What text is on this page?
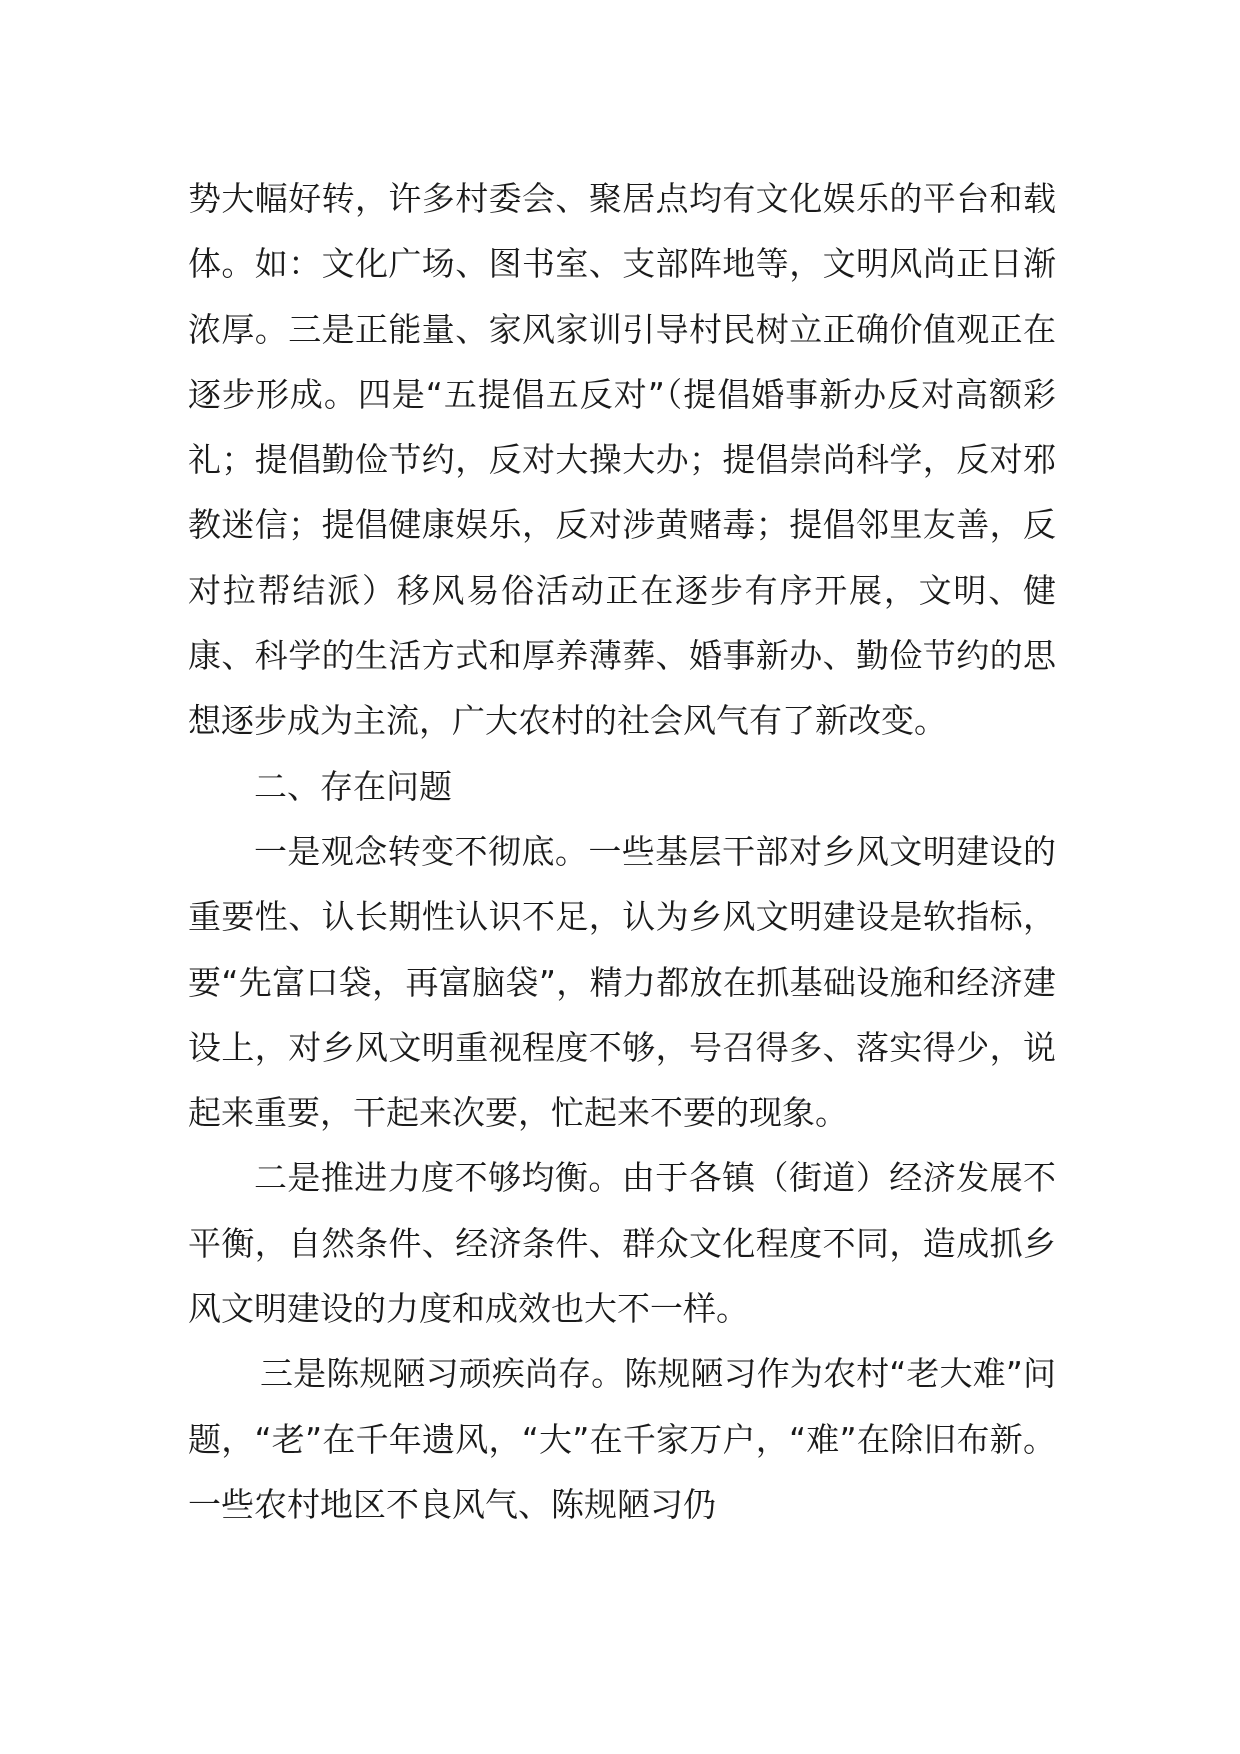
势大幅好转，许多村委会、聚居点均有文化娱乐的平台和载体。如：文化广场、图书室、支部阵地等，文明风尚正日渐浓厚。三是正能量、家风家训引导村民树立正确价值观正在逐步形成。四是“五提倡五反对”（提倡婚事新办反对高额彩礼；提倡勤俭节约，反对大操大办；提倡崇尚科学，反对邪教迷信；提倡健康娱乐，反对涉黄赌毒；提倡邻里友善，反对拉帮结派）移风易俗活动正在逐步有序开展，文明、健康、科学的生活方式和厚养薄葬、婚事新办、勤俭节约的思想逐步成为主流，广大农村的社会风气有了新改变。

二、存在问题

一是观念转变不彻底。一些基层干部对乡风文明建设的重要性、认长期性认识不足，认为乡风文明建设是软指标，要“先富口袋，再富脑袋”，精力都放在抓基础设施和经济建设上，对乡风文明重视程度不够，号召得多、落实得少，说起来重要，干起来次要，忙起来不要的现象。

二是推进力度不够均衡。由于各镇（街道）经济发展不平衡，自然条件、经济条件、群众文化程度不同，造成抓乡风文明建设的力度和成效也大不一样。

三是陈规陋习顽疾尚存。陈规陋习作为农村“老大难”问题，“老”在千年遗风，“大”在千家万户，“难”在除旧布新。一些农村地区不良风气、陈规陋习仍
